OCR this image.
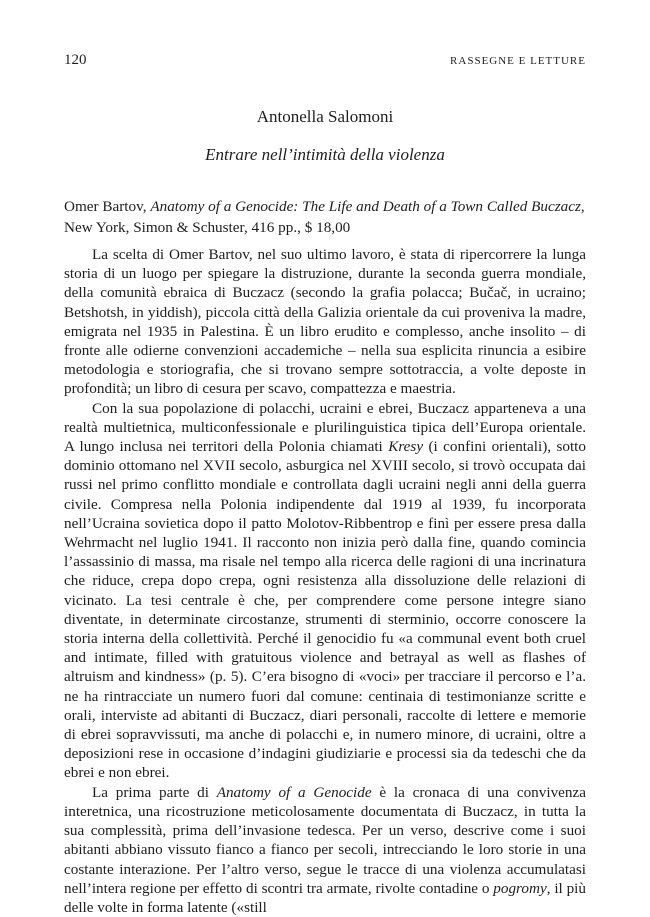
120	RASSEGNE E LETTURE
Antonella Salomoni
Entrare nell’intimità della violenza

Omer Bartov, Anatomy of a Genocide: The Life and Death of a Town Called Buczacz, New York, Simon & Schuster, 416 pp., $ 18,00

La scelta di Omer Bartov, nel suo ultimo lavoro, è stata di ripercorrere la lunga storia di un luogo per spiegare la distruzione, durante la seconda guerra mondiale, della comunità ebraica di Buczacz (secondo la grafia polacca; Bučač, in ucraino; Betshotsh, in yiddish), piccola città della Galizia orientale da cui proveniva la madre, emigrata nel 1935 in Palestina. È un libro erudito e complesso, anche insolito – di fronte alle odierne convenzioni accademiche – nella sua esplicita rinuncia a esibire metodologia e storiografia, che si trovano sempre sottotraccia, a volte deposte in profondità; un libro di cesura per scavo, compattezza e maestria.

Con la sua popolazione di polacchi, ucraini e ebrei, Buczacz apparteneva a una realtà multietnica, multiconfessionale e plurilinguistica tipica dell’Europa orientale. A lungo inclusa nei territori della Polonia chiamati Kresy (i confini orientali), sotto dominio ottomano nel XVII secolo, asburgica nel XVIII secolo, si trovò occupata dai russi nel primo conflitto mondiale e controllata dagli ucraini negli anni della guerra civile. Compresa nella Polonia indipendente dal 1919 al 1939, fu incorporata nell’Ucraina sovietica dopo il patto Molotov-Ribbentrop e finì per essere presa dalla Wehrmacht nel luglio 1941. Il racconto non inizia però dalla fine, quando comincia l’assassinio di massa, ma risale nel tempo alla ricerca delle ragioni di una incrinatura che riduce, crepa dopo crepa, ogni resistenza alla dissoluzione delle relazioni di vicinato. La tesi centrale è che, per comprendere come persone integre siano diventate, in determinate circostanze, strumenti di sterminio, occorre conoscere la storia interna della collettività. Perché il genocidio fu «a communal event both cruel and intimate, filled with gratuitous violence and betrayal as well as flashes of altruism and kindness» (p. 5). C’era bisogno di «voci» per tracciare il percorso e l’a. ne ha rintracciate un numero fuori dal comune: centinaia di testimonianze scritte e orali, interviste ad abitanti di Buczacz, diari personali, raccolte di lettere e memorie di ebrei sopravvissuti, ma anche di polacchi e, in numero minore, di ucraini, oltre a deposizioni rese in occasione d’indagini giudiziarie e processi sia da tedeschi che da ebrei e non ebrei.

La prima parte di Anatomy of a Genocide è la cronaca di una convivenza interetnica, una ricostruzione meticolosamente documentata di Buczacz, in tutta la sua complessità, prima dell’invasione tedesca. Per un verso, descrive come i suoi abitanti abbiano vissuto fianco a fianco per secoli, intrecciando le loro storie in una costante interazione. Per l’altro verso, segue le tracce di una violenza accumulatasi nell’intera regione per effetto di scontri tra armate, rivolte contadine o pogromy, il più delle volte in forma latente («still
